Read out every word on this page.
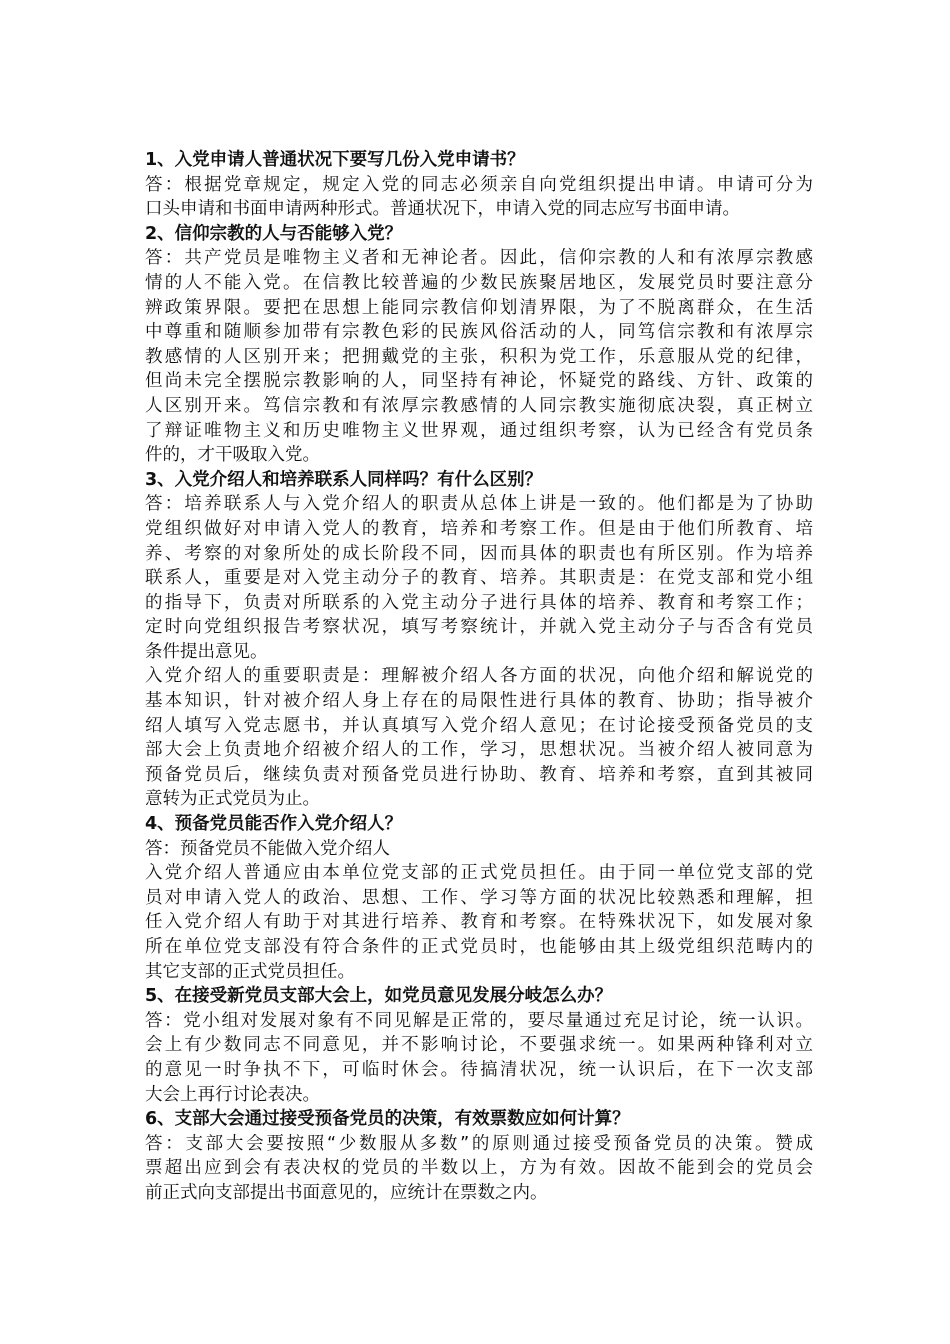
1、入党申请人普通状况下要写几份入党申请书？
答：根据党章规定，规定入党的同志必须亲自向党组织提出申请。申请可分为
口头申请和书面申请两种形式。普通状况下，申请入党的同志应写书面申请。
2、信仰宗教的人与否能够入党？
答：共产党员是唯物主义者和无神论者。因此，信仰宗教的人和有浓厚宗教感
情的人不能入党。在信教比较普遍的少数民族聚居地区，发展党员时要注意分
辨政策界限。要把在思想上能同宗教信仰划清界限，为了不脱离群众，在生活
中尊重和随顺参加带有宗教色彩的民族风俗活动的人，同笃信宗教和有浓厚宗
教感情的人区别开来；把拥戴党的主张，积积为党工作，乐意服从党的纪律，
但尚未完全摆脱宗教影响的人，同坚持有神论，怀疑党的路线、方针、政策的
人区别开来。笃信宗教和有浓厚宗教感情的人同宗教实施彻底决裂，真正树立
了辩证唯物主义和历史唯物主义世界观，通过组织考察，认为已经含有党员条
件的，才干吸取入党。
3、入党介绍人和培养联系人同样吗？有什么区别？
答：培养联系人与入党介绍人的职责从总体上讲是一致的。他们都是为了协助
党组织做好对申请入党人的教育，培养和考察工作。但是由于他们所教育、培
养、考察的对象所处的成长阶段不同，因而具体的职责也有所区别。作为培养
联系人，重要是对入党主动分子的教育、培养。其职责是：在党支部和党小组
的指导下，负责对所联系的入党主动分子进行具体的培养、教育和考察工作；
定时向党组织报告考察状况，填写考察统计，并就入党主动分子与否含有党员
条件提出意见。
入党介绍人的重要职责是：理解被介绍人各方面的状况，向他介绍和解说党的
基本知识，针对被介绍人身上存在的局限性进行具体的教育、协助；指导被介
绍人填写入党志愿书，并认真填写入党介绍人意见；在讨论接受预备党员的支
部大会上负责地介绍被介绍人的工作，学习，思想状况。当被介绍人被同意为
预备党员后，继续负责对预备党员进行协助、教育、培养和考察，直到其被同
意转为正式党员为止。
4、预备党员能否作入党介绍人？
答：预备党员不能做入党介绍人
入党介绍人普通应由本单位党支部的正式党员担任。由于同一单位党支部的党
员对申请入党人的政治、思想、工作、学习等方面的状况比较熟悉和理解，担
任入党介绍人有助于对其进行培养、教育和考察。在特殊状况下，如发展对象
所在单位党支部没有符合条件的正式党员时，也能够由其上级党组织范畴内的
其它支部的正式党员担任。
5、在接受新党员支部大会上，如党员意见发展分岐怎么办？
答：党小组对发展对象有不同见解是正常的，要尽量通过充足讨论，统一认识。
会上有少数同志不同意见，并不影响讨论，不要强求统一。如果两种锋利对立
的意见一时争执不下，可临时休会。待搞清状况，统一认识后，在下一次支部
大会上再行讨论表决。
6、支部大会通过接受预备党员的决策，有效票数应如何计算？
答：支部大会要按照“少数服从多数”的原则通过接受预备党员的决策。赞成
票超出应到会有表决权的党员的半数以上，方为有效。因故不能到会的党员会
前正式向支部提出书面意见的，应统计在票数之内。
